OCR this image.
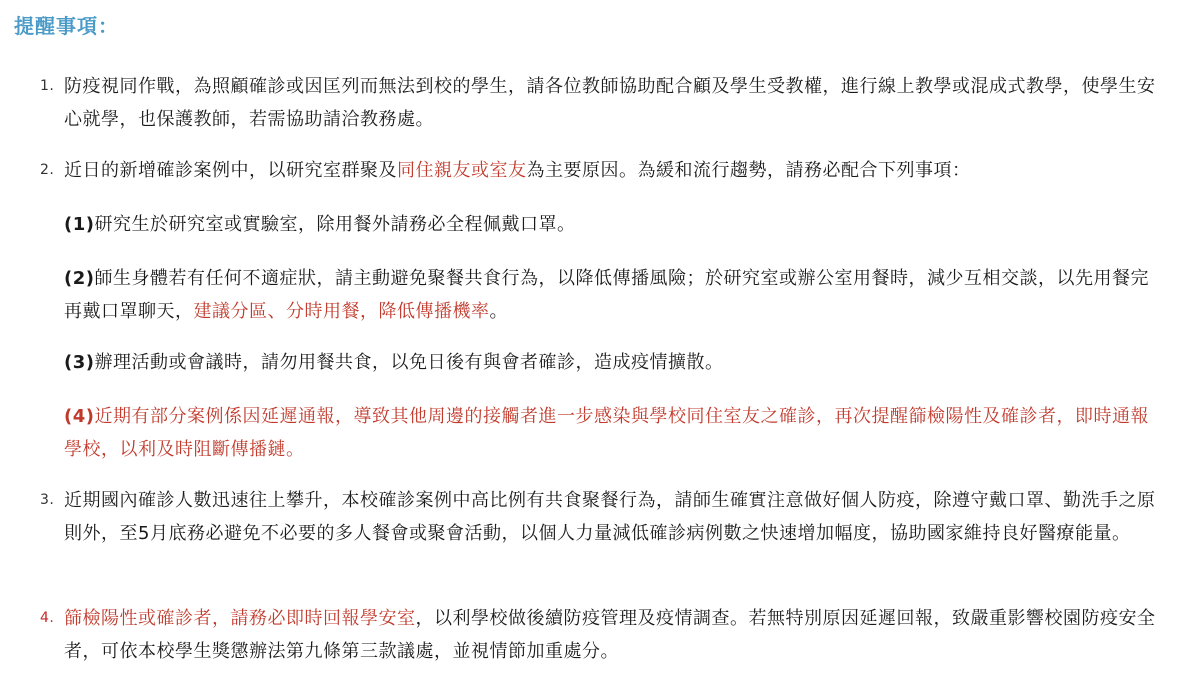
提醒事項：
1. 防疫視同作戰，為照顧確診或因匡列而無法到校的學生，請各位教師協助配合顧及學生受教權，進行線上教學或混成式教學，使學生安心就學，也保護教師，若需協助請洽教務處。
2. 近日的新增確診案例中，以研究室群聚及同住親友或室友為主要原因。為緩和流行趨勢，請務必配合下列事項：
(1)研究生於研究室或實驗室，除用餐外請務必全程佩戴口罩。
(2)師生身體若有任何不適症狀，請主動避免聚餐共食行為，以降低傳播風險；於研究室或辦公室用餐時，減少互相交談，以先用餐完再戴口罩聊天，建議分區、分時用餐，降低傳播機率。
(3)辦理活動或會議時，請勿用餐共食，以免日後有與會者確診，造成疫情擴散。
(4)近期有部分案例係因延遲通報，導致其他周邊的接觸者進一步感染與學校同住室友之確診，再次提醒篩檢陽性及確診者，即時通報學校，以利及時阻斷傳播鏈。
3. 近期國內確診人數迅速往上攀升，本校確診案例中高比例有共食聚餐行為，請師生確實注意做好個人防疫，除遵守戴口罩、勤洗手之原則外，至5月底務必避免不必要的多人餐會或聚會活動，以個人力量減低確診病例數之快速增加幅度，協助國家維持良好醫療能量。
4. 篩檢陽性或確診者，請務必即時回報學安室，以利學校做後續防疫管理及疫情調查。若無特別原因延遲回報，致嚴重影響校園防疫安全者，可依本校學生獎懲辦法第九條第三款議處，並視情節加重處分。
